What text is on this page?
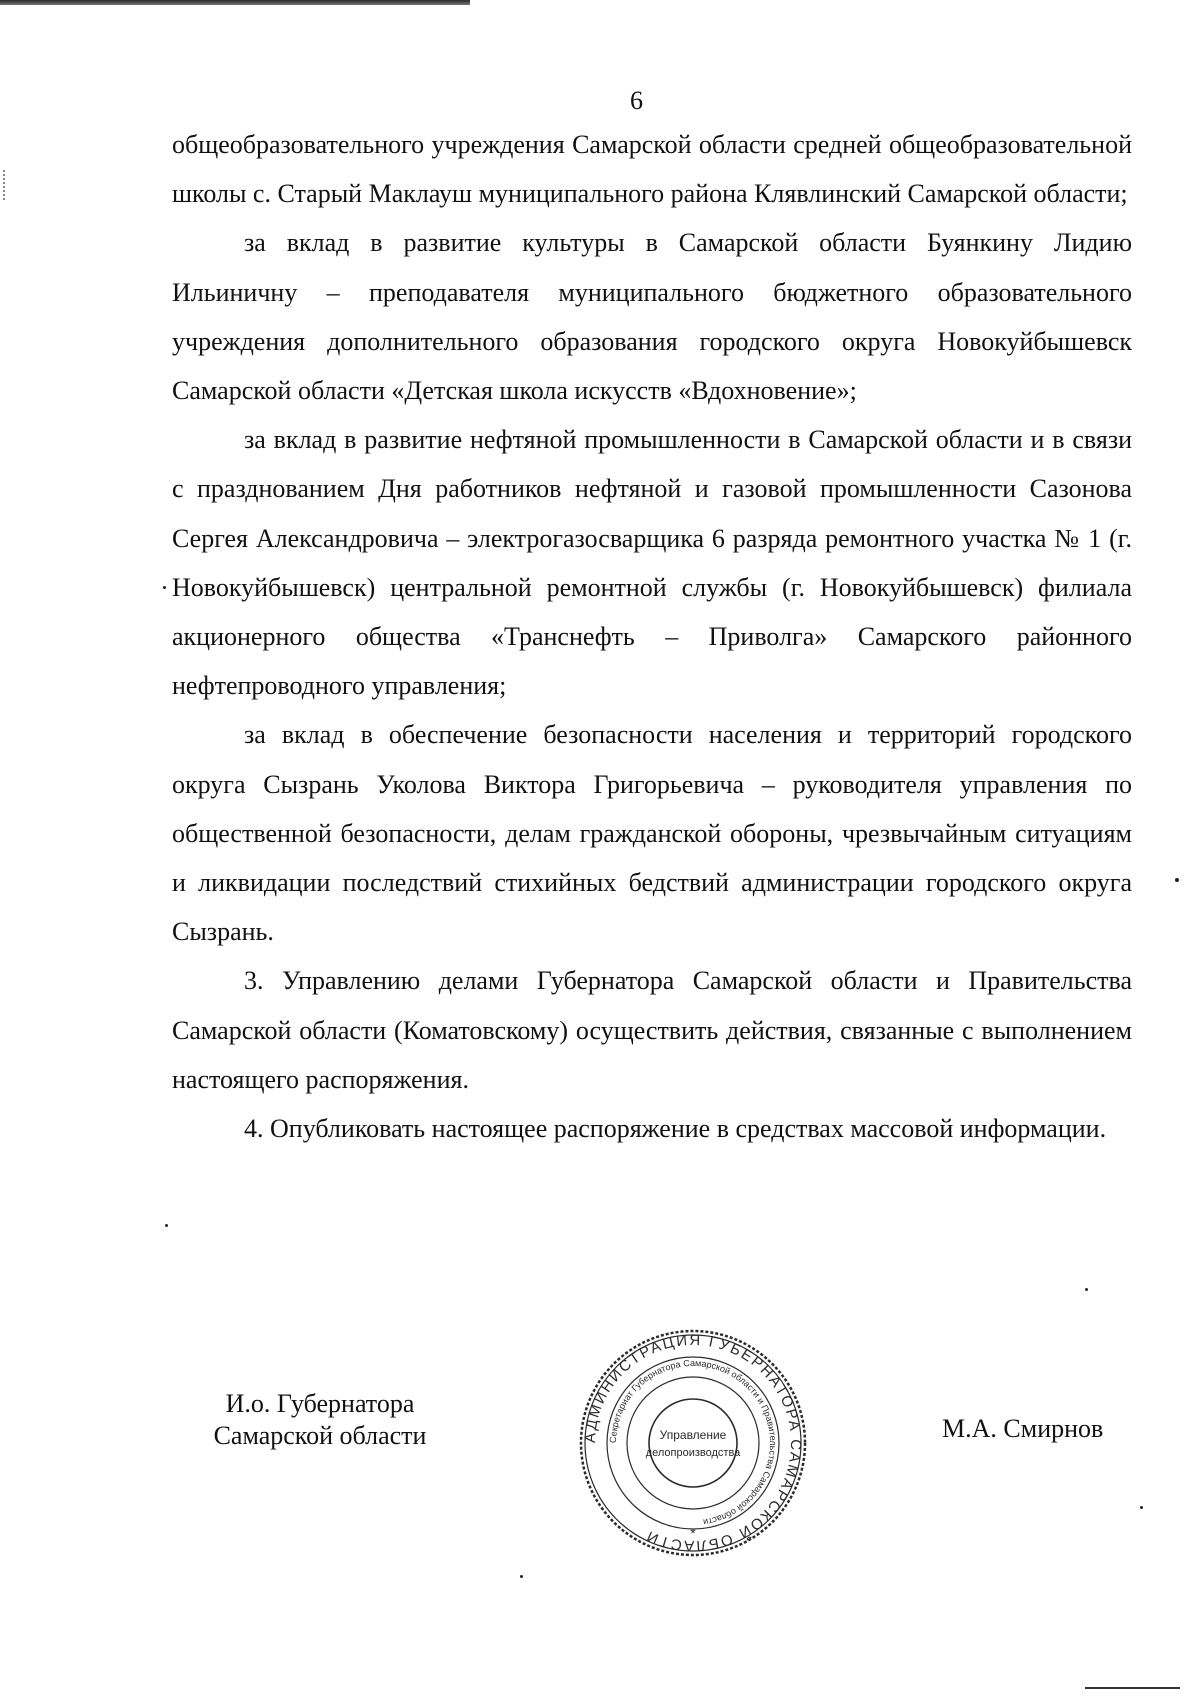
6

общеобразовательного учреждения Самарской области средней общеобразовательной школы с. Старый Маклауш муниципального района Клявлинский Самарской области;

за вклад в развитие культуры в Самарской области Буянкину Лидию Ильиничну – преподавателя муниципального бюджетного образовательного учреждения дополнительного образования городского округа Новокуйбышевск Самарской области «Детская школа искусств «Вдохновение»;

за вклад в развитие нефтяной промышленности в Самарской области и в связи с празднованием Дня работников нефтяной и газовой промышленности Сазонова Сергея Александровича – электрогазосварщика 6 разряда ремонтного участка № 1 (г. Новокуйбышевск) центральной ремонтной службы (г. Новокуйбышевск) филиала акционерного общества «Транснефть – Приволга» Самарского районного нефтепроводного управления;

за вклад в обеспечение безопасности населения и территорий городского округа Сызрань Уколова Виктора Григорьевича – руководителя управления по общественной безопасности, делам гражданской обороны, чрезвычайным ситуациям и ликвидации последствий стихийных бедствий администрации городского округа Сызрань.

3. Управлению делами Губернатора Самарской области и Правительства Самарской области (Коматовскому) осуществить действия, связанные с выполнением настоящего распоряжения.

4. Опубликовать настоящее распоряжение в средствах массовой информации.

И.о. Губернатора
Самарской области	АДМИНИСТРАЦИЯ ГУБЕРНАТОРА САМАРСКОЙ ОБЛАСТИ
Секретариат Губернатора Самарской области и Правительства Самарской области
Управление
делопроизводства
*
М.А. Смирнов
